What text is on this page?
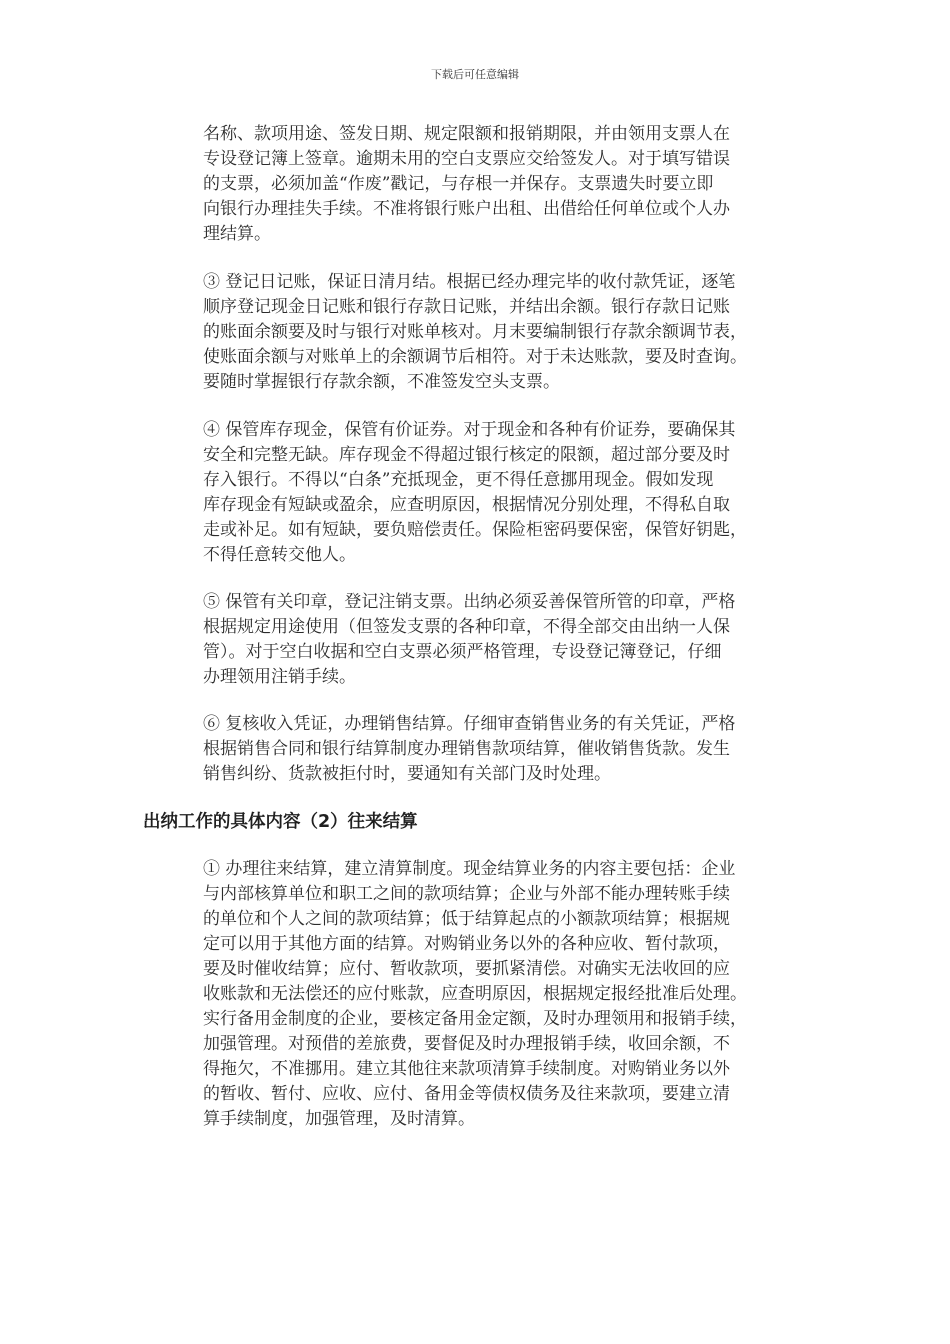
下载后可任意编辑
名称、款项用途、签发日期、规定限额和报销期限，并由领用支票人在
专设登记簿上签章。逾期未用的空白支票应交给签发人。对于填写错误
的支票，必须加盖“作废”戳记，与存根一并保存。支票遗失时要立即
向银行办理挂失手续。不准将银行账户出租、出借给任何单位或个人办
理结算。
③ 登记日记账，保证日清月结。根据已经办理完毕的收付款凭证，逐笔
顺序登记现金日记账和银行存款日记账，并结出余额。银行存款日记账
的账面余额要及时与银行对账单核对。月末要编制银行存款余额调节表，
使账面余额与对账单上的余额调节后相符。对于未达账款，要及时查询。
要随时掌握银行存款余额，不准签发空头支票。
④ 保管库存现金，保管有价证券。对于现金和各种有价证券，要确保其
安全和完整无缺。库存现金不得超过银行核定的限额，超过部分要及时
存入银行。不得以“白条”充抵现金，更不得任意挪用现金。假如发现
库存现金有短缺或盈余，应查明原因，根据情况分别处理，不得私自取
走或补足。如有短缺，要负赔偿责任。保险柜密码要保密，保管好钥匙，
不得任意转交他人。
⑤ 保管有关印章，登记注销支票。出纳必须妥善保管所管的印章，严格
根据规定用途使用（但签发支票的各种印章，不得全部交由出纳一人保
管）。对于空白收据和空白支票必须严格管理，专设登记簿登记，仔细
办理领用注销手续。
⑥ 复核收入凭证，办理销售结算。仔细审查销售业务的有关凭证，严格
根据销售合同和银行结算制度办理销售款项结算，催收销售货款。发生
销售纠纷、货款被拒付时，要通知有关部门及时处理。
出纳工作的具体内容（2）往来结算
① 办理往来结算，建立清算制度。现金结算业务的内容主要包括：企业
与内部核算单位和职工之间的款项结算；企业与外部不能办理转账手续
的单位和个人之间的款项结算；低于结算起点的小额款项结算；根据规
定可以用于其他方面的结算。对购销业务以外的各种应收、暂付款项，
要及时催收结算；应付、暂收款项，要抓紧清偿。对确实无法收回的应
收账款和无法偿还的应付账款，应查明原因，根据规定报经批准后处理。
实行备用金制度的企业，要核定备用金定额，及时办理领用和报销手续，
加强管理。对预借的差旅费，要督促及时办理报销手续，收回余额，不
得拖欠，不准挪用。建立其他往来款项清算手续制度。对购销业务以外
的暂收、暂付、应收、应付、备用金等债权债务及往来款项，要建立清
算手续制度，加强管理，及时清算。
